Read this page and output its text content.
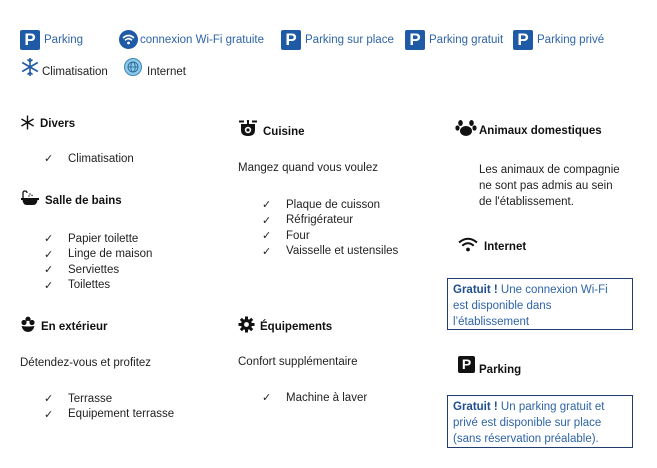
P Parking	connexion Wi-Fi gratuite P Parking sur place P Parking gratuit P Parking privé
Climatisation	Internet
Divers
✓	Climatisation
Salle de bains
✓	Papier toilette
✓	Linge de maison
✓	Serviettes
✓	Toilettes
En extérieur
Détendez-vous et profitez
✓	Terrasse
✓	Equipement terrasse
Cuisine
Mangez quand vous voulez
✓	Plaque de cuisson
✓	Réfrigérateur
✓	Four
✓	Vaisselle et ustensiles
Équipements
Confort supplémentaire
✓	Machine à laver
Animaux domestiques
Les animaux de compagnie
ne sont pas admis au sein
de l'établissement.
Internet
Gratuit ! Une connexion Wi-Fi
est disponible dans
l’établissement
P Parking
Gratuit ! Un parking gratuit et
privé est disponible sur place
(sans réservation préalable).
